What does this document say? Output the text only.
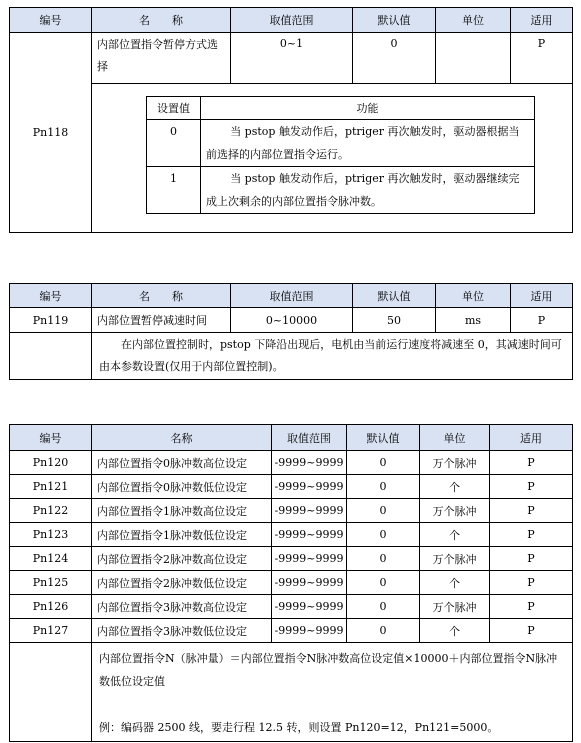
编号	名　　称	取值范围	默认值	单位	适用
Pn118	内部位置指令暂停方式选择	0~1	0		P

设置值	功能
0	当 pstop 触发动作后，ptriger 再次触发时，驱动器根据当前选择的内部位置指令运行。
1	当 pstop 触发动作后，ptriger 再次触发时，驱动器继续完成上次剩余的内部位置指令脉冲数。
编号	名　　称	取值范围	默认值	单位	适用
Pn119	内部位置暂停减速时间	0~10000	50	ms	P
	在内部位置控制时，pstop 下降沿出现后，电机由当前运行速度将减速至 0，其减速时间可由本参数设置(仅用于内部位置控制)。				
编号	名称	取值范围	默认值	单位	适用
Pn120	内部位置指令0脉冲数高位设定	-9999~9999	0	万个脉冲	P
Pn121	内部位置指令0脉冲数低位设定	-9999~9999	0	个	P
Pn122	内部位置指令1脉冲数高位设定	-9999~9999	0	万个脉冲	P
Pn123	内部位置指令1脉冲数低位设定	-9999~9999	0	个	P
Pn124	内部位置指令2脉冲数高位设定	-9999~9999	0	万个脉冲	P
Pn125	内部位置指令2脉冲数低位设定	-9999~9999	0	个	P
Pn126	内部位置指令3脉冲数高位设定	-9999~9999	0	万个脉冲	P
Pn127	内部位置指令3脉冲数低位设定	-9999~9999	0	个	P
	内部位置指令N（脉冲量）＝内部位置指令N脉冲数高位设定值×10000＋内部位置指令N脉冲数低位设定值
例：编码器 2500 线，要走行程 12.5 转，则设置 Pn120=12，Pn121=5000。				
